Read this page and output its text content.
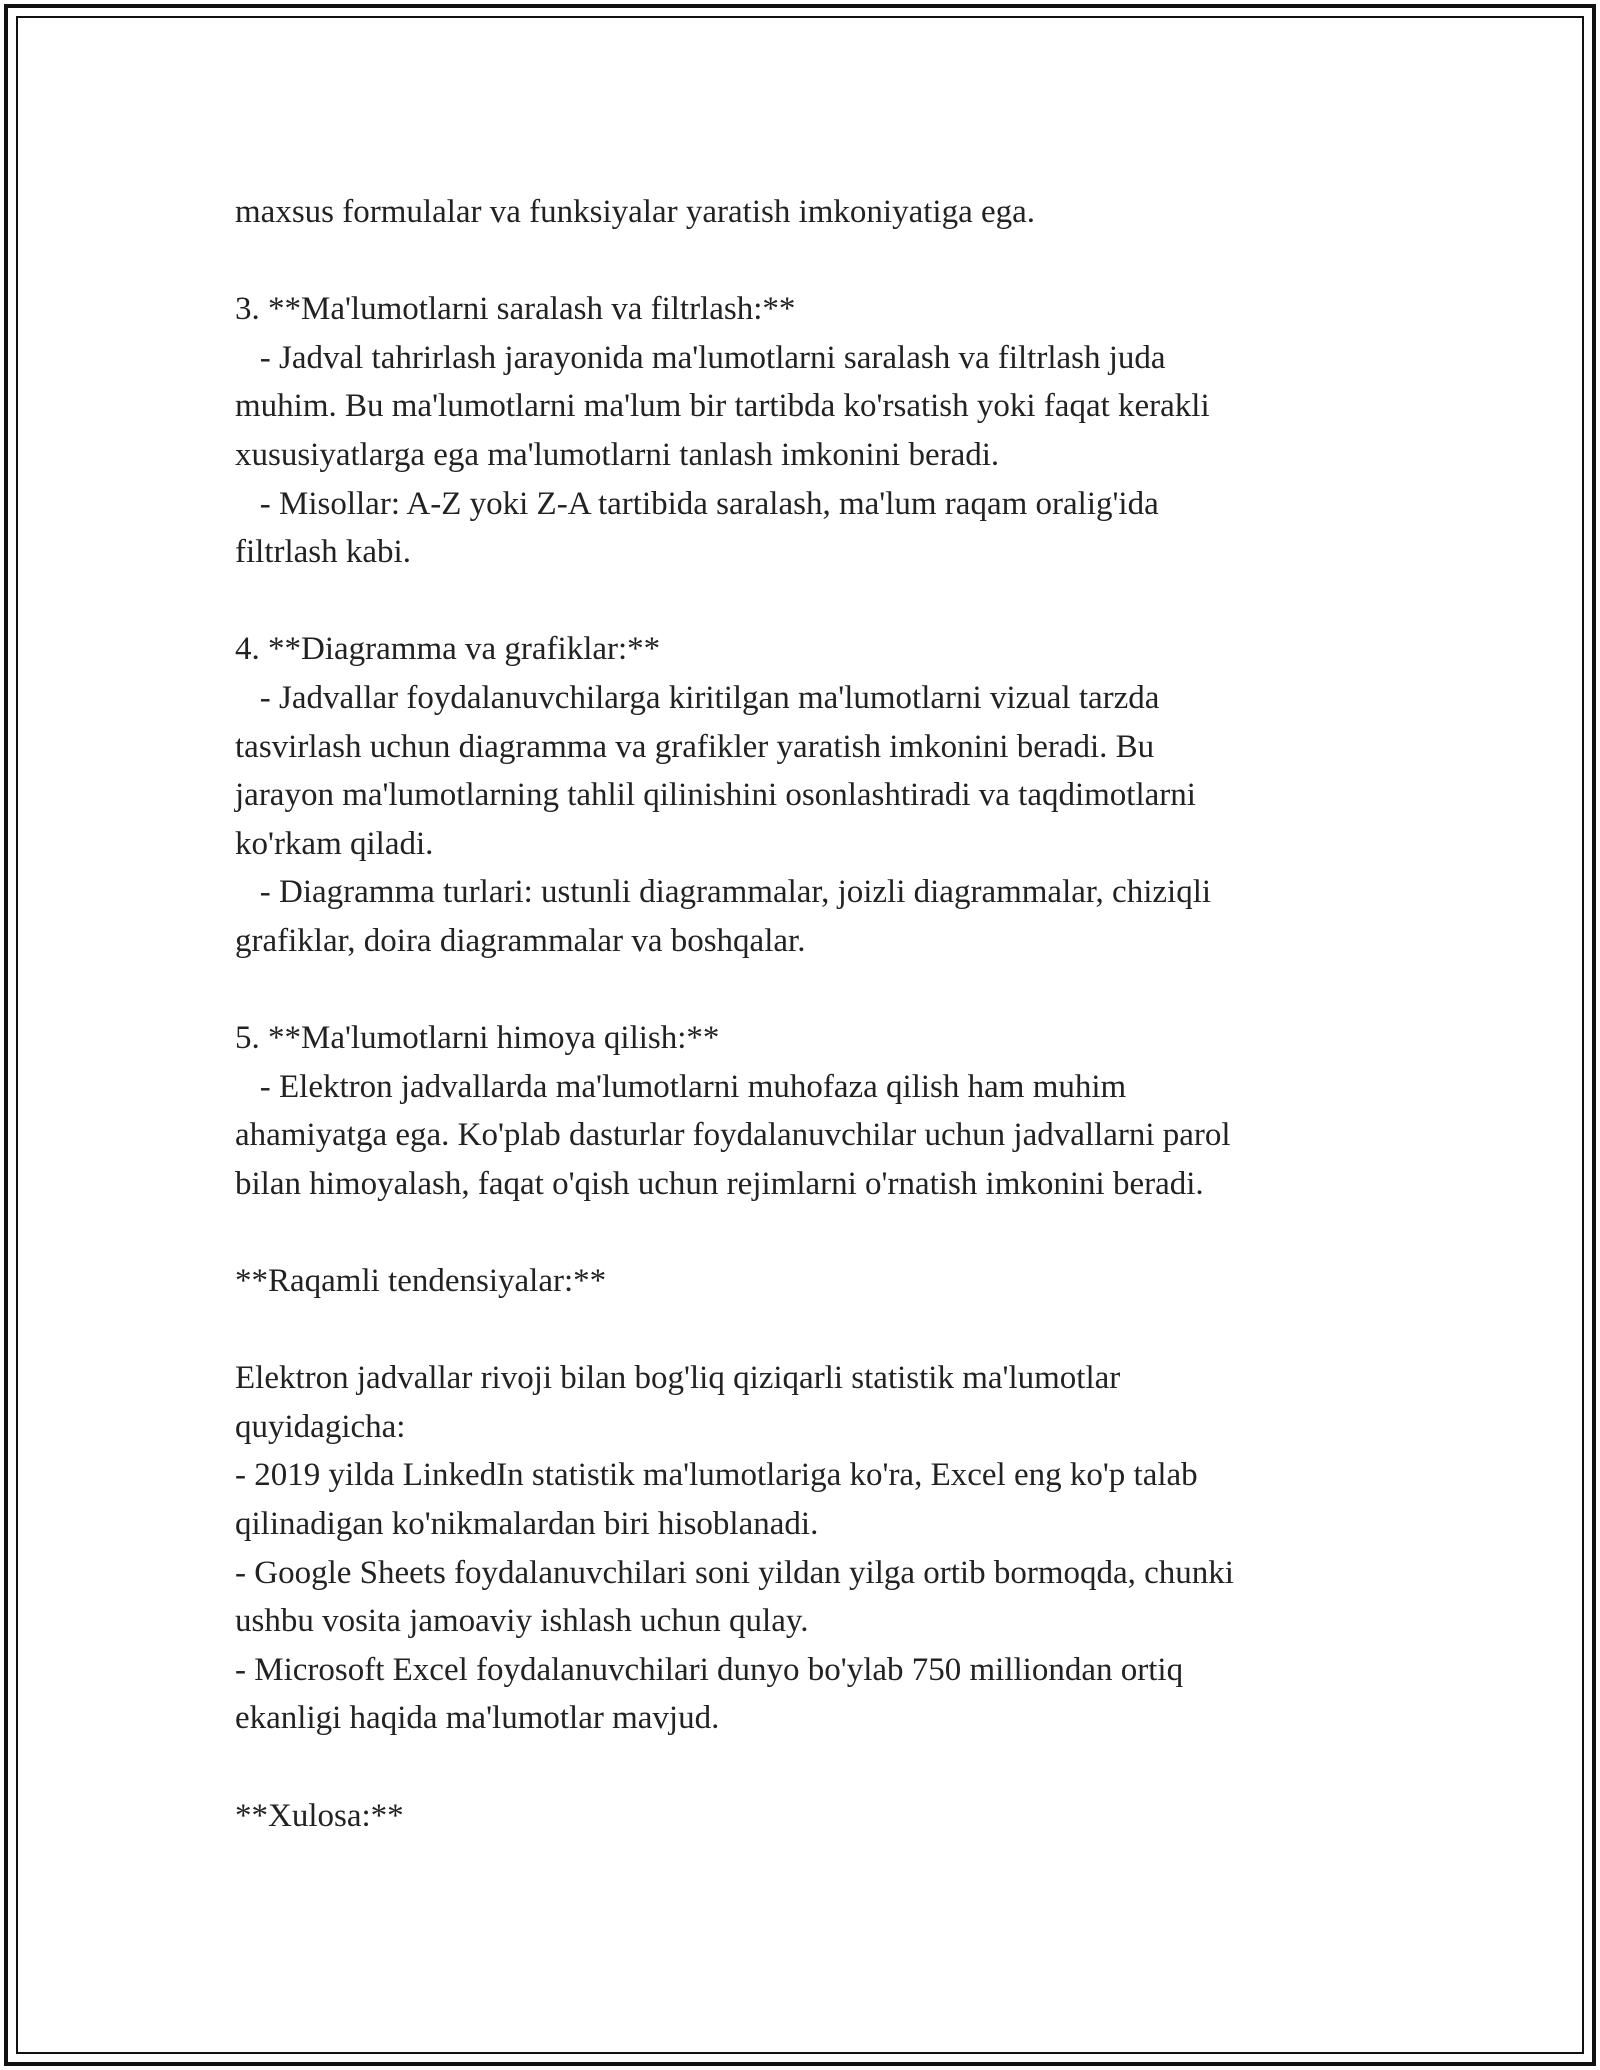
maxsus formulalar va funksiyalar yaratish imkoniyatiga ega.
3. **Ma'lumotlarni saralash va filtrlash:**
- Jadval tahrirlash jarayonida ma'lumotlarni saralash va filtrlash juda
muhim. Bu ma'lumotlarni ma'lum bir tartibda ko'rsatish yoki faqat kerakli
xususiyatlarga ega ma'lumotlarni tanlash imkonini beradi.
- Misollar: A-Z yoki Z-A tartibida saralash, ma'lum raqam oralig'ida
filtrlash kabi.
4. **Diagramma va grafiklar:**
- Jadvallar foydalanuvchilarga kiritilgan ma'lumotlarni vizual tarzda
tasvirlash uchun diagramma va grafikler yaratish imkonini beradi. Bu
jarayon ma'lumotlarning tahlil qilinishini osonlashtiradi va taqdimotlarni
ko'rkam qiladi.
- Diagramma turlari: ustunli diagrammalar, joizli diagrammalar, chiziqli
grafiklar, doira diagrammalar va boshqalar.
5. **Ma'lumotlarni himoya qilish:**
- Elektron jadvallarda ma'lumotlarni muhofaza qilish ham muhim
ahamiyatga ega. Ko'plab dasturlar foydalanuvchilar uchun jadvallarni parol
bilan himoyalash, faqat o'qish uchun rejimlarni o'rnatish imkonini beradi.
**Raqamli tendensiyalar:**
Elektron jadvallar rivoji bilan bog'liq qiziqarli statistik ma'lumotlar
quyidagicha:
- 2019 yilda LinkedIn statistik ma'lumotlariga ko'ra, Excel eng ko'p talab
qilinadigan ko'nikmalardan biri hisoblanadi.
- Google Sheets foydalanuvchilari soni yildan yilga ortib bormoqda, chunki
ushbu vosita jamoaviy ishlash uchun qulay.
- Microsoft Excel foydalanuvchilari dunyo bo'ylab 750 milliondan ortiq
ekanligi haqida ma'lumotlar mavjud.
**Xulosa:**
